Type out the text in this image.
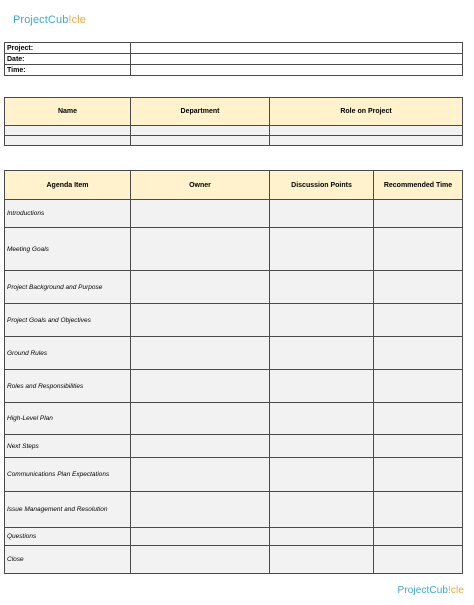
ProjectCub!cle
Project:	
Date:	
Time:	
Name	Department	Role on Project

Agenda Item	Owner	Discussion Points	Recommended Time
Introductions			
Meeting Goals			
Project Background and Purpose			
Project Goals and Objectives			
Ground Rules			
Roles and Responsibilities			
High-Level Plan			
Next Steps			
Communications Plan Expectations			
Issue Management and Resolution			
Questions			
Close			
ProjectCub!cle
